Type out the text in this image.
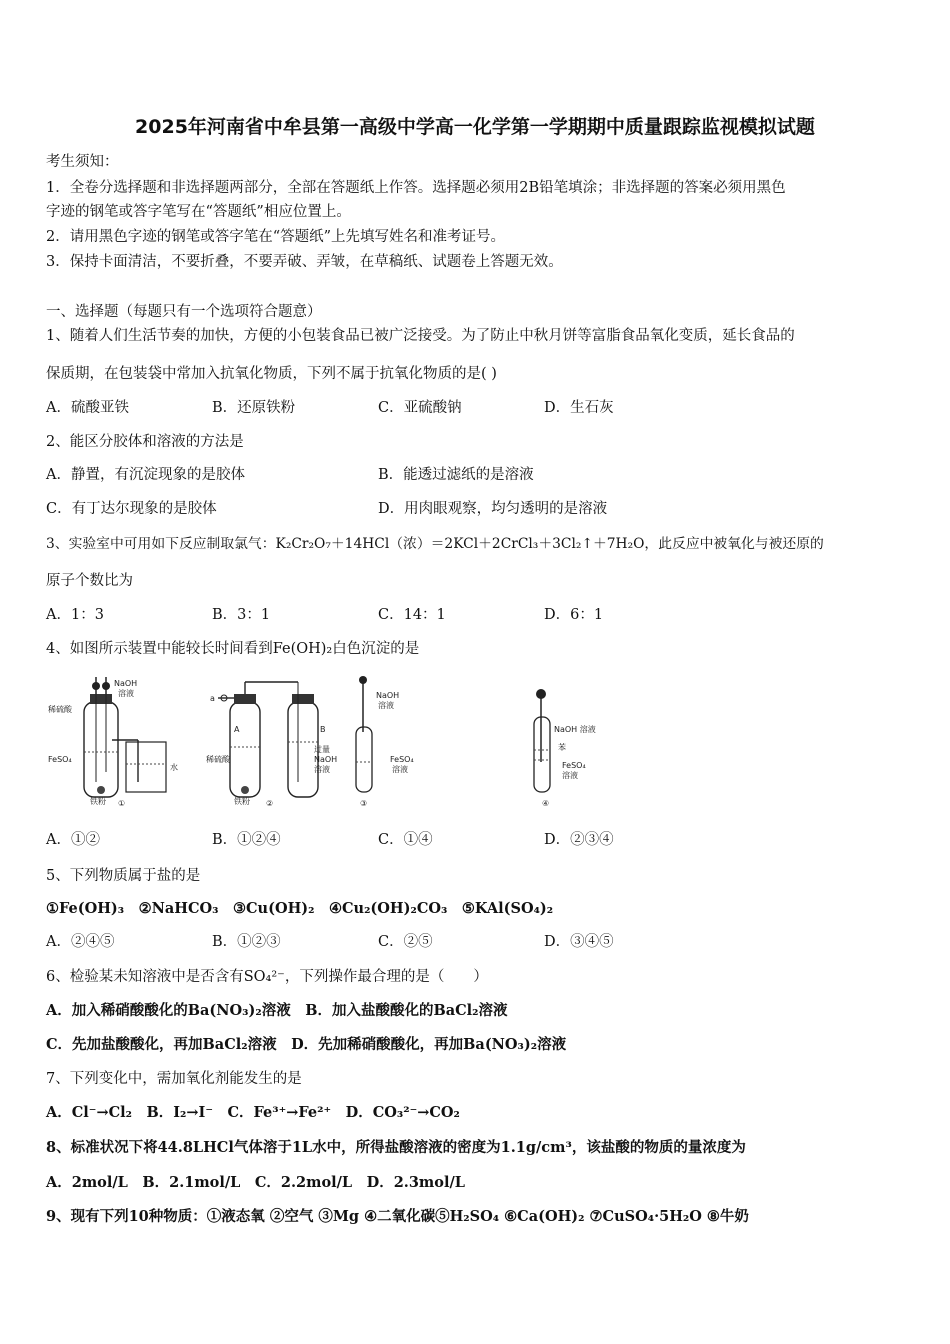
2025年河南省中牟县第一高级中学高一化学第一学期期中质量跟踪监视模拟试题
考生须知：
1．全卷分选择题和非选择题两部分，全部在答题纸上作答。选择题必须用2B铅笔填涂；非选择题的答案必须用黑色
字迹的钢笔或答字笔写在“答题纸”相应位置上。
2．请用黑色字迹的钢笔或答字笔在“答题纸”上先填写姓名和准考证号。
3．保持卡面清洁，不要折叠，不要弄破、弄皱，在草稿纸、试题卷上答题无效。
一、选择题（每题只有一个选项符合题意）
1、随着人们生活节奏的加快，方便的小包装食品已被广泛接受。为了防止中秋月饼等富脂食品氧化变质，延长食品的
保质期，在包装袋中常加入抗氧化物质，下列不属于抗氧化物质的是( )
A．硫酸亚铁	B．还原铁粉	C．亚硫酸钠	D．生石灰
2、能区分胶体和溶液的方法是
A．静置，有沉淀现象的是胶体	B．能透过滤纸的是溶液
C．有丁达尔现象的是胶体	D．用肉眼观察，均匀透明的是溶液
3、实验室中可用如下反应制取氯气：K₂Cr₂O₇＋14HCl（浓）＝2KCl＋2CrCl₃＋3Cl₂↑＋7H₂O，此反应中被氧化与被还原的
原子个数比为
A．1：3	B．3：1	C．14：1	D．6：1
4、如图所示装置中能较长时间看到Fe(OH)₂白色沉淀的是
NaOH
溶液
稀硫酸
FeSO₄
水
铁粉 ①
a
A	B
稀硫酸
过量
NaOH
溶液
铁粉 ②
NaOH
溶液
FeSO₄
溶液
③
NaOH 溶液
苯
FeSO₄
溶液
④
A．①②	B．①②④	C．①④	D．②③④
5、下列物质属于盐的是
①Fe(OH)₃　②NaHCO₃　③Cu(OH)₂　④Cu₂(OH)₂CO₃　⑤KAl(SO₄)₂
A．②④⑤	B．①②③	C．②⑤	D．③④⑤
6、检验某未知溶液中是否含有SO₄²⁻，下列操作最合理的是（　　）
A．加入稀硝酸酸化的Ba(NO₃)₂溶液　B．加入盐酸酸化的BaCl₂溶液
C．先加盐酸酸化，再加BaCl₂溶液　D．先加稀硝酸酸化，再加Ba(NO₃)₂溶液
7、下列变化中，需加氧化剂能发生的是
A．Cl⁻→Cl₂　B．I₂→I⁻　C．Fe³⁺→Fe²⁺　D．CO₃²⁻→CO₂
8、标准状况下将44.8LHCl气体溶于1L水中，所得盐酸溶液的密度为1.1g/cm³，该盐酸的物质的量浓度为
A．2mol/L　B．2.1mol/L　C．2.2mol/L　D．2.3mol/L
9、现有下列10种物质：①液态氧 ②空气 ③Mg ④二氧化碳⑤H₂SO₄ ⑥Ca(OH)₂ ⑦CuSO₄·5H₂O ⑧牛奶
